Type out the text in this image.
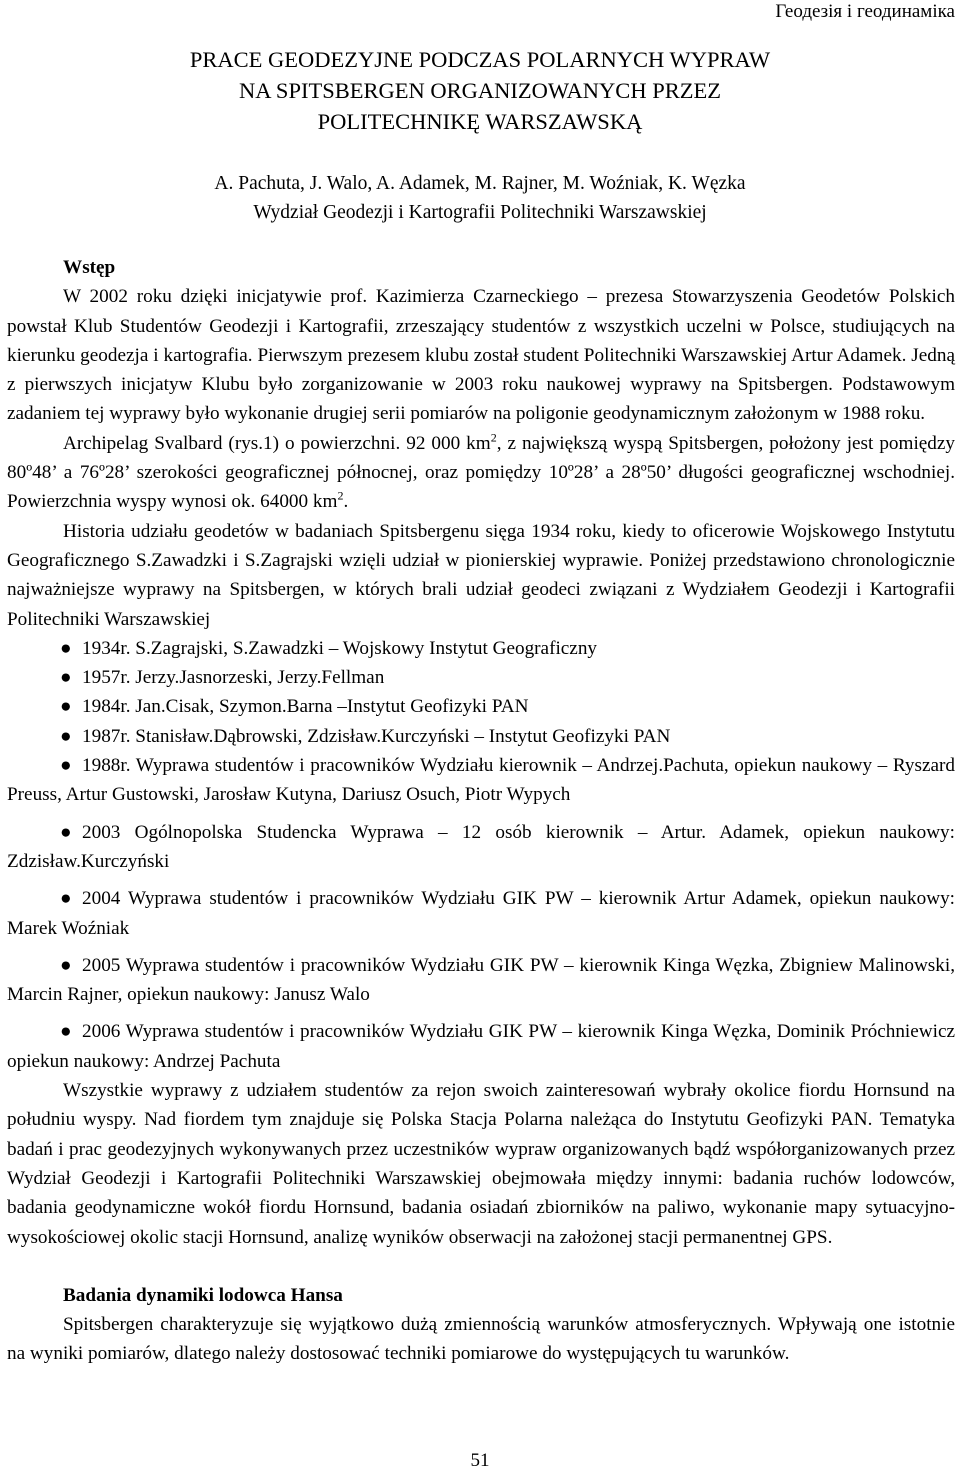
Геодезія і геодинаміка
PRACE GEODEZYJNE PODCZAS POLARNYCH WYPRAW
NA SPITSBERGEN ORGANIZOWANYCH PRZEZ
POLITECHNIKĘ WARSZAWSKĄ
A. Pachuta, J. Walo, A. Adamek, M. Rajner, M. Woźniak, K. Węzka
Wydział Geodezji i Kartografii Politechniki Warszawskiej
Wstęp

W 2002 roku dzięki inicjatywie prof. Kazimierza Czarneckiego – prezesa Stowarzyszenia Geodetów Polskich powstał Klub Studentów Geodezji i Kartografii, zrzeszający studentów z wszystkich uczelni w Polsce, studiujących na kierunku geodezja i kartografia. Pierwszym prezesem klubu został student Politechniki Warszawskiej Artur Adamek. Jedną z pierwszych inicjatyw Klubu było zorganizowanie w 2003 roku naukowej wyprawy na Spitsbergen. Podstawowym zadaniem tej wyprawy było wykonanie drugiej serii pomiarów na poligonie geodynamicznym założonym w 1988 roku.

Archipelag Svalbard (rys.1) o powierzchni. 92 000 $km^2$, z największą wyspą Spitsbergen, położony jest pomiędzy 80º48’ a 76º28’ szerokości geograficznej północnej, oraz pomiędzy 10º28’ a 28º50’ długości geograficznej wschodniej. Powierzchnia wyspy wynosi ok. 64000 $km^2$.

Historia udziału geodetów w badaniach Spitsbergenu sięga 1934 roku, kiedy to oficerowie Wojskowego Instytutu Geograficznego S.Zawadzki i S.Zagrajski wzięli udział w pionierskiej wyprawie. Poniżej przedstawiono chronologicznie najważniejsze wyprawy na Spitsbergen, w których brali udział geodeci związani z Wydziałem Geodezji i Kartografii Politechniki Warszawskiej

● 1934r. S.Zagrajski, S.Zawadzki – Wojskowy Instytut Geograficzny

● 1957r. Jerzy.Jasnorzeski, Jerzy.Fellman

● 1984r. Jan.Cisak, Szymon.Barna –Instytut Geofizyki PAN

● 1987r. Stanisław.Dąbrowski, Zdzisław.Kurczyński – Instytut Geofizyki PAN

● 1988r. Wyprawa studentów i pracowników Wydziału kierownik – Andrzej.Pachuta, opiekun naukowy – Ryszard Preuss, Artur Gustowski, Jarosław Kutyna, Dariusz Osuch, Piotr Wypych

● 2003 Ogólnopolska Studencka Wyprawa – 12 osób kierownik – Artur. Adamek, opiekun naukowy: Zdzisław.Kurczyński

● 2004 Wyprawa studentów i pracowników Wydziału GIK PW – kierownik Artur Adamek, opiekun naukowy: Marek Woźniak

● 2005 Wyprawa studentów i pracowników Wydziału GIK PW – kierownik Kinga Węzka, Zbigniew Malinowski, Marcin Rajner, opiekun naukowy: Janusz Walo

● 2006 Wyprawa studentów i pracowników Wydziału GIK PW – kierownik Kinga Węzka, Dominik Próchniewicz opiekun naukowy: Andrzej Pachuta

Wszystkie wyprawy z udziałem studentów za rejon swoich zainteresowań wybrały okolice fiordu Hornsund na południu wyspy. Nad fiordem tym znajduje się Polska Stacja Polarna należąca do Instytutu Geofizyki PAN. Tematyka badań i prac geodezyjnych wykonywanych przez uczestników wypraw organizowanych bądź współorganizowanych przez Wydział Geodezji i Kartografii Politechniki Warszawskiej obejmowała między innymi: badania ruchów lodowców, badania geodynamiczne wokół fiordu Hornsund, badania osiadań zbiorników na paliwo, wykonanie mapy sytuacyjno-wysokościowej okolic stacji Hornsund, analizę wyników obserwacji na założonej stacji permanentnej GPS.

Badania dynamiki lodowca Hansa

Spitsbergen charakteryzuje się wyjątkowo dużą zmiennością warunków atmosferycznych. Wpływają one istotnie na wyniki pomiarów, dlatego należy dostosować techniki pomiarowe do występujących tu warunków.

51
